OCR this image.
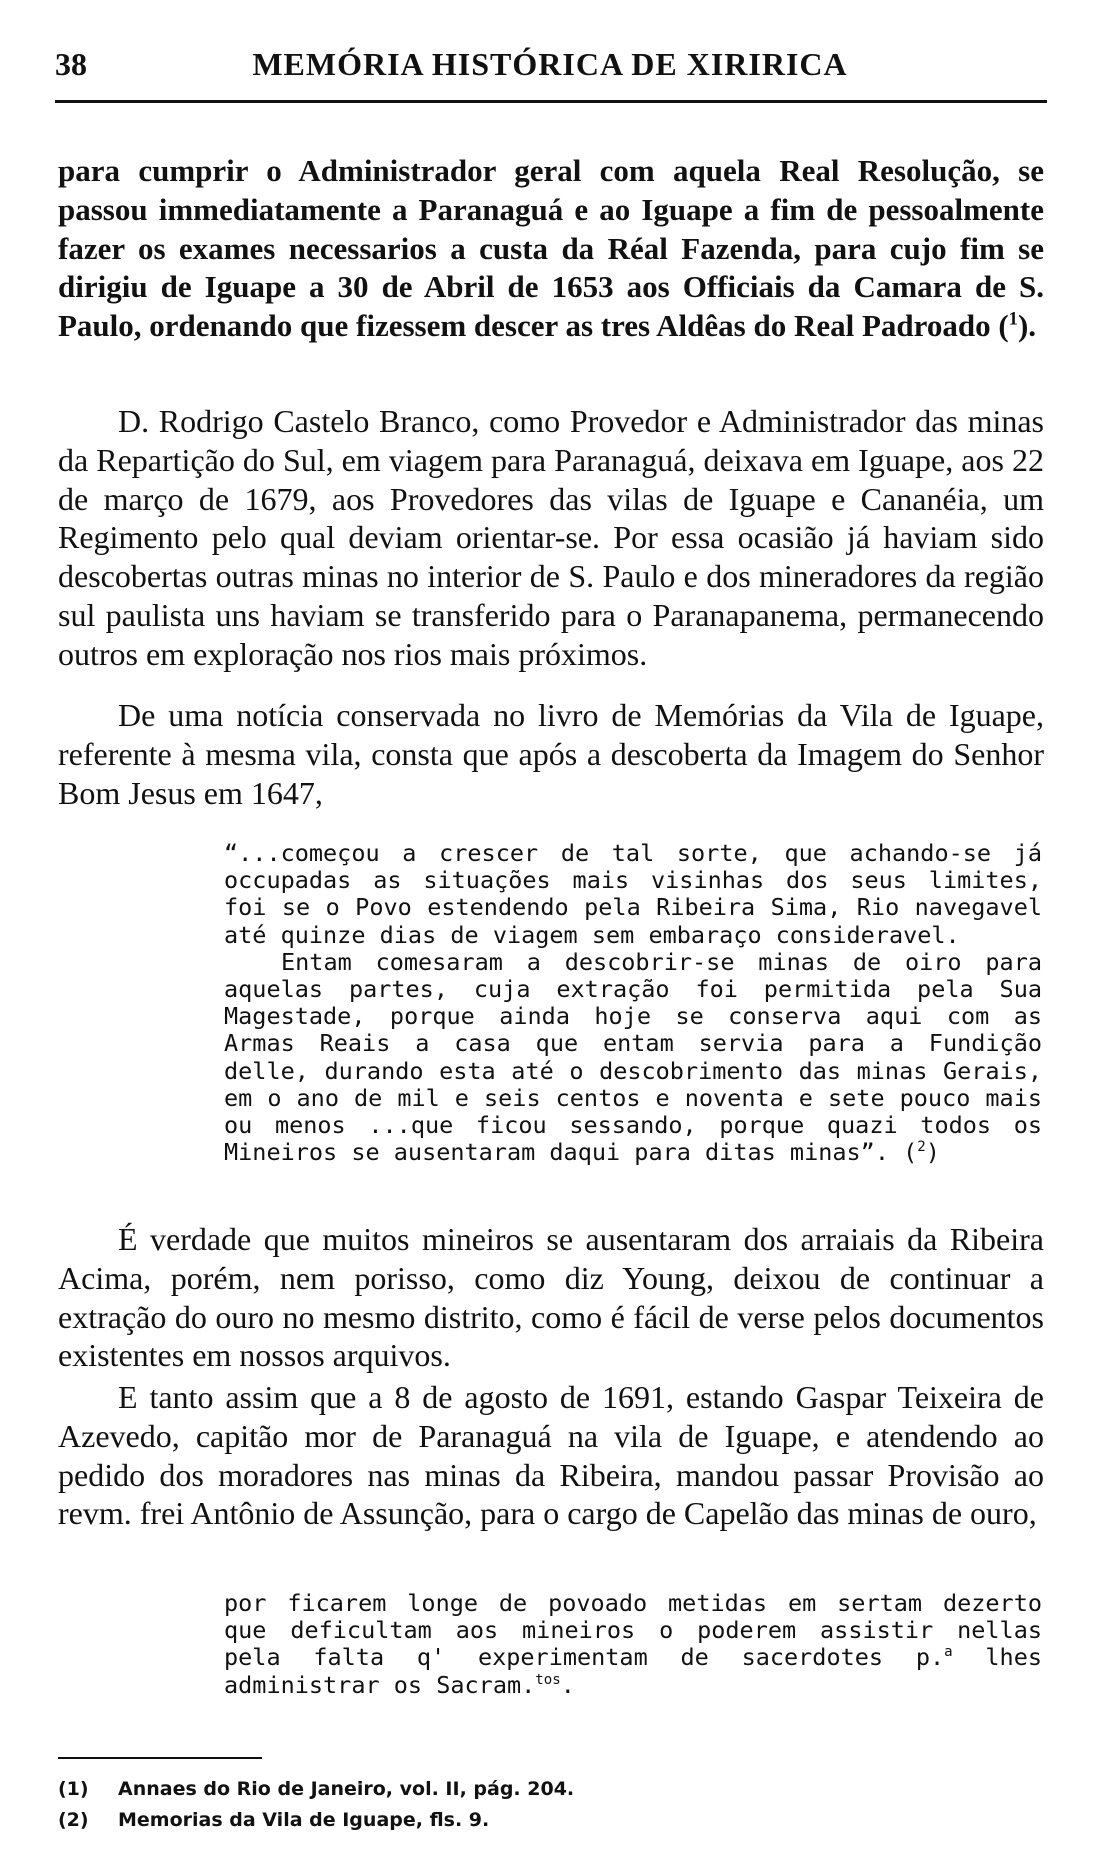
38	MEMÓRIA HISTÓRICA DE XIRIRICA

para cumprir o Administrador geral com aquela Real Resolução, se passou immediatamente a Paranaguá e ao Iguape a fim de pessoalmente fazer os exames necessarios a custa da Réal Fazenda, para cujo fim se dirigiu de Iguape a 30 de Abril de 1653 aos Officiais da Camara de S. Paulo, ordenando que fizessem descer as tres Aldêas do Real Padroado ($^1$).

D. Rodrigo Castelo Branco, como Provedor e Administrador das minas da Repartição do Sul, em viagem para Paranaguá, deixava em Iguape, aos 22 de março de 1679, aos Provedores das vilas de Iguape e Cananéia, um Regimento pelo qual deviam orientar-se. Por essa ocasião já haviam sido descobertas outras minas no interior de S. Paulo e dos mineradores da região sul paulista uns haviam se transferido para o Paranapanema, permanecendo outros em exploração nos rios mais próximos.

De uma notícia conservada no livro de Memórias da Vila de Iguape, referente à mesma vila, consta que após a descoberta da Imagem do Senhor Bom Jesus em 1647,

“...começou a crescer de tal sorte, que achando-se já occupadas as situações mais visinhas dos seus limites, foi se o Povo estendendo pela Ribeira Sima, Rio navegavel até quinze dias de viagem sem embaraço consideravel.
Entam comesaram a descobrir-se minas de oiro para aquelas partes, cuja extração foi permitida pela Sua Magestade, porque ainda hoje se conserva aqui com as Armas Reais a casa que entam servia para a Fundição delle, durando esta até o descobrimento das minas Gerais, em o ano de mil e seis centos e noventa e sete pouco mais ou menos ...que ficou sessando, porque quazi todos os Mineiros se ausentaram daqui para ditas minas”. ($^2$)

É verdade que muitos mineiros se ausentaram dos arraiais da Ribeira Acima, porém, nem porisso, como diz Young, deixou de continuar a extração do ouro no mesmo distrito, como é fácil de verse pelos documentos existentes em nossos arquivos.

E tanto assim que a 8 de agosto de 1691, estando Gaspar Teixeira de Azevedo, capitão mor de Paranaguá na vila de Iguape, e atendendo ao pedido dos moradores nas minas da Ribeira, mandou passar Provisão ao revm. frei Antônio de Assunção, para o cargo de Capelão das minas de ouro,

por ficarem longe de povoado metidas em sertam dezerto que deficultam aos mineiros o poderem assistir nellas pela falta q' experimentam de sacerdotes p.$^a$ lhes administrar os Sacram.$^{tos}$.
(1) Annaes do Rio de Janeiro, vol. II, pág. 204.
(2) Memorias da Vila de Iguape, fls. 9.
